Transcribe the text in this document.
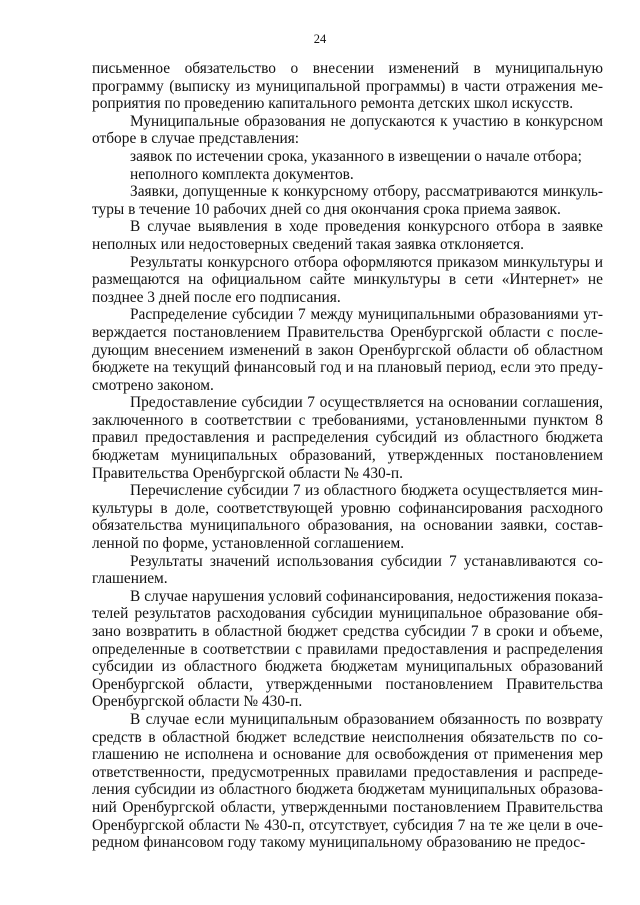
24

письменное обязательство о внесении изменений в муниципальную программу (выписку из муниципальной программы) в части отражения мероприятия по проведению капитального ремонта детских школ искусств.

Муниципальные образования не допускаются к участию в конкурсном отборе в случае представления:

заявок по истечении срока, указанного в извещении о начале отбора;

неполного комплекта документов.

Заявки, допущенные к конкурсному отбору, рассматриваются минкультуры в течение 10 рабочих дней со дня окончания срока приема заявок.

В случае выявления в ходе проведения конкурсного отбора в заявке неполных или недостоверных сведений такая заявка отклоняется.

Результаты конкурсного отбора оформляются приказом минкультуры и размещаются на официальном сайте минкультуры в сети «Интернет» не позднее 3 дней после его подписания.

Распределение субсидии 7 между муниципальными образованиями утверждается постановлением Правительства Оренбургской области с последующим внесением изменений в закон Оренбургской области об областном бюджете на текущий финансовый год и на плановый период, если это предусмотрено законом.

Предоставление субсидии 7 осуществляется на основании соглашения, заключенного в соответствии с требованиями, установленными пунктом 8 правил предоставления и распределения субсидий из областного бюджета бюджетам муниципальных образований, утвержденных постановлением Правительства Оренбургской области № 430-п.

Перечисление субсидии 7 из областного бюджета осуществляется минкультуры в доле, соответствующей уровню софинансирования расходного обязательства муниципального образования, на основании заявки, составленной по форме, установленной соглашением.

Результаты значений использования субсидии 7 устанавливаются соглашением.

В случае нарушения условий софинансирования, недостижения показателей результатов расходования субсидии муниципальное образование обязано возвратить в областной бюджет средства субсидии 7 в сроки и объеме, определенные в соответствии с правилами предоставления и распределения субсидии из областного бюджета бюджетам муниципальных образований Оренбургской области, утвержденными постановлением Правительства Оренбургской области № 430-п.

В случае если муниципальным образованием обязанность по возврату средств в областной бюджет вследствие неисполнения обязательств по соглашению не исполнена и основание для освобождения от применения мер ответственности, предусмотренных правилами предоставления и распределения субсидии из областного бюджета бюджетам муниципальных образований Оренбургской области, утвержденными постановлением Правительства Оренбургской области № 430-п, отсутствует, субсидия 7 на те же цели в очередном финансовом году такому муниципальному образованию не предос-
